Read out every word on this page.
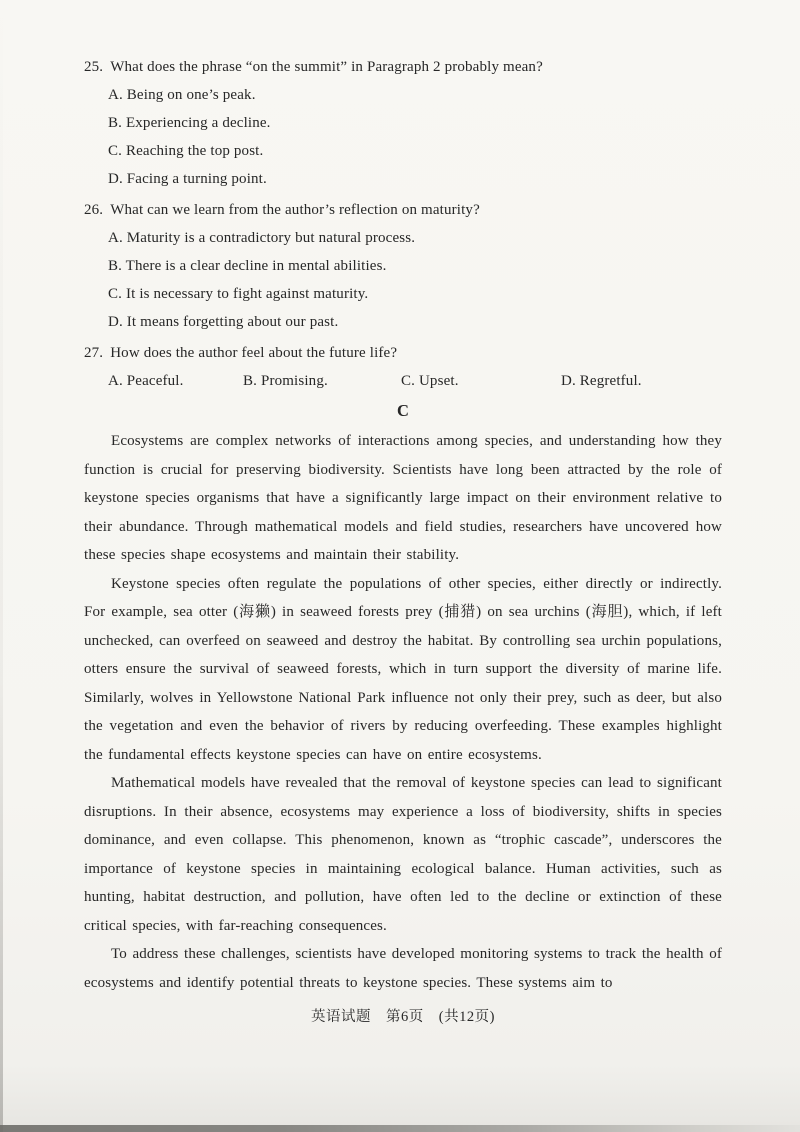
25. What does the phrase “on the summit” in Paragraph 2 probably mean?
A. Being on one’s peak.
B. Experiencing a decline.
C. Reaching the top post.
D. Facing a turning point.
26. What can we learn from the author’s reflection on maturity?
A. Maturity is a contradictory but natural process.
B. There is a clear decline in mental abilities.
C. It is necessary to fight against maturity.
D. It means forgetting about our past.
27. How does the author feel about the future life?
A. Peaceful.	B. Promising.	C. Upset.	D. Regretful.
C

Ecosystems are complex networks of interactions among species, and understanding how they function is crucial for preserving biodiversity. Scientists have long been attracted by the role of keystone species organisms that have a significantly large impact on their environment relative to their abundance. Through mathematical models and field studies, researchers have uncovered how these species shape ecosystems and maintain their stability.

Keystone species often regulate the populations of other species, either directly or indirectly. For example, sea otter (海獭) in seaweed forests prey (捕猎) on sea urchins (海胆), which, if left unchecked, can overfeed on seaweed and destroy the habitat. By controlling sea urchin populations, otters ensure the survival of seaweed forests, which in turn support the diversity of marine life. Similarly, wolves in Yellowstone National Park influence not only their prey, such as deer, but also the vegetation and even the behavior of rivers by reducing overfeeding. These examples highlight the fundamental effects keystone species can have on entire ecosystems.

Mathematical models have revealed that the removal of keystone species can lead to significant disruptions. In their absence, ecosystems may experience a loss of biodiversity, shifts in species dominance, and even collapse. This phenomenon, known as “trophic cascade”, underscores the importance of keystone species in maintaining ecological balance. Human activities, such as hunting, habitat destruction, and pollution, have often led to the decline or extinction of these critical species, with far-reaching consequences.

To address these challenges, scientists have developed monitoring systems to track the health of ecosystems and identify potential threats to keystone species. These systems aim to

英语试题　第6页　(共12页)
